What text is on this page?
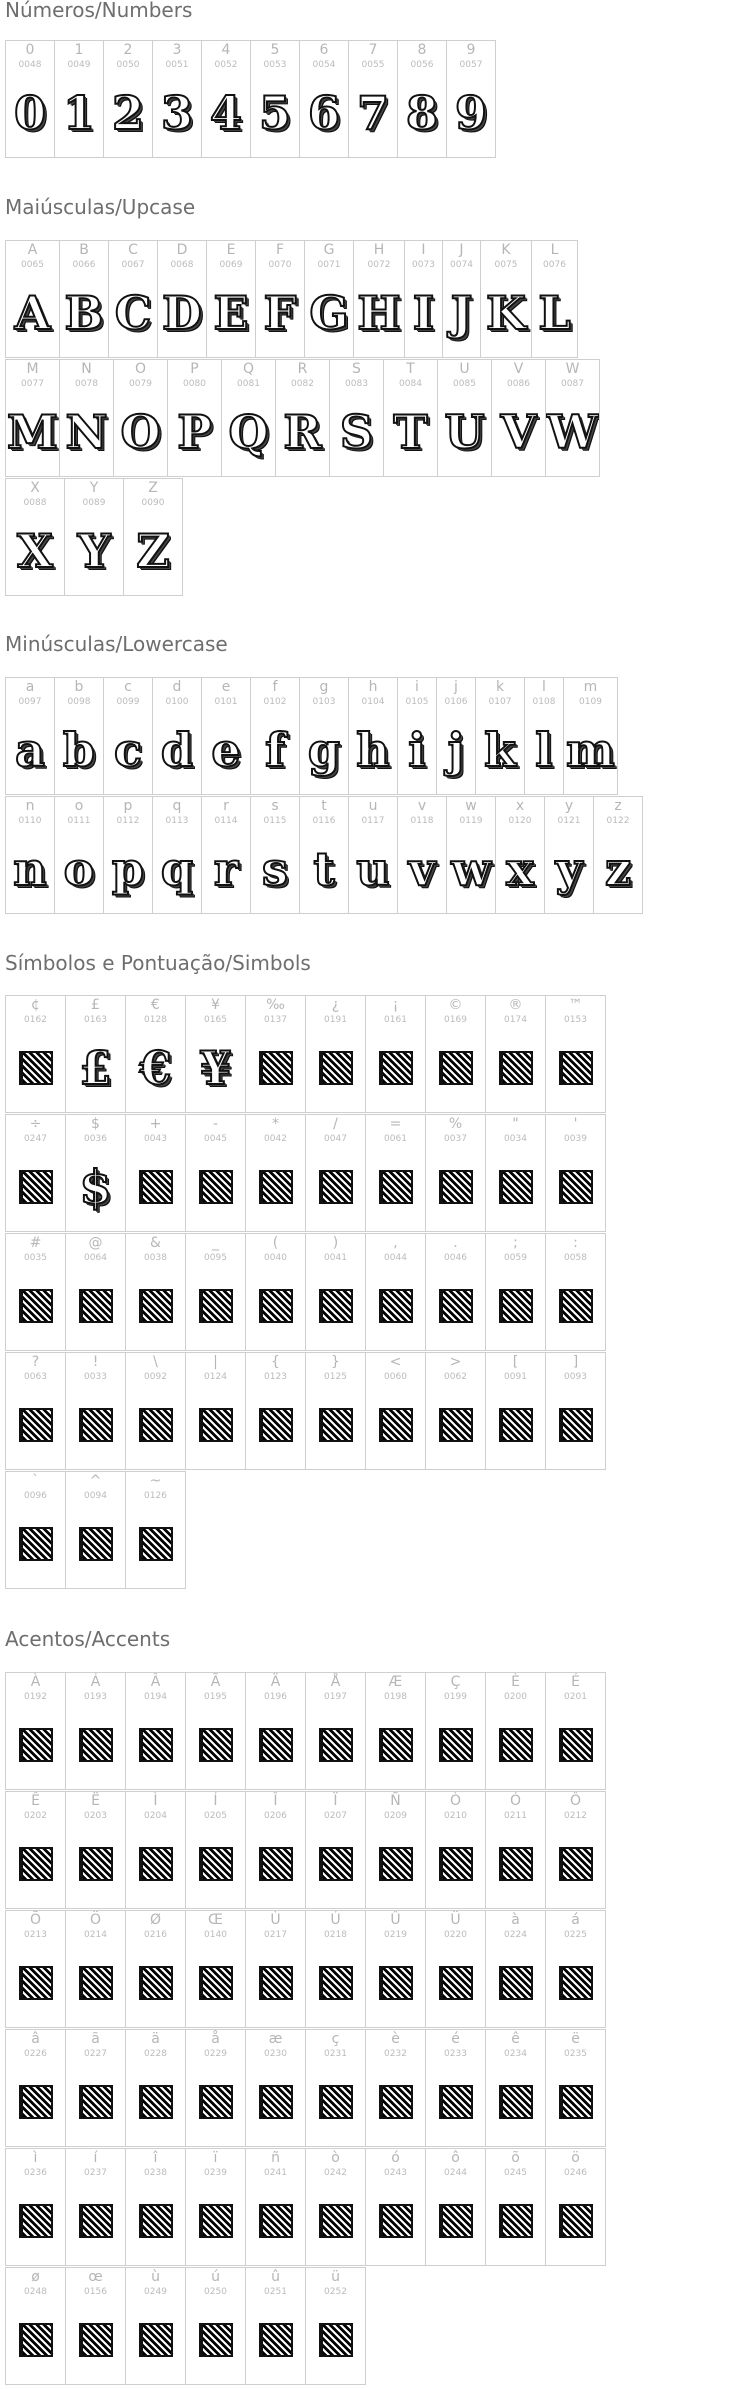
Números/Numbers
0
0048
0
1
0049
1
2
0050
2
3
0051
3
4
0052
4
5
0053
5
6
0054
6
7
0055
7
8
0056
8
9
0057
9
Maiúsculas/Upcase
A
0065
A
B
0066
B
C
0067
C
D
0068
D
E
0069
E
F
0070
F
G
0071
G
H
0072
H
I
0073
I
J
0074
J
K
0075
K
L
0076
L
M
0077
M
N
0078
N
O
0079
O
P
0080
P
Q
0081
Q
R
0082
R
S
0083
S
T
0084
T
U
0085
U
V
0086
V
W
0087
W
X
0088
X
Y
0089
Y
Z
0090
Z
Minúsculas/Lowercase
a
0097
a
b
0098
b
c
0099
c
d
0100
d
e
0101
e
f
0102
f
g
0103
g
h
0104
h
i
0105
i
j
0106
j
k
0107
k
l
0108
l
m
0109
m
n
0110
n
o
0111
o
p
0112
p
q
0113
q
r
0114
r
s
0115
s
t
0116
t
u
0117
u
v
0118
v
w
0119
w
x
0120
x
y
0121
y
z
0122
z
Símbolos e Pontuação/Simbols
¢
0162
£
0163
£
€
0128
€
¥
0165
¥
‰
0137
¿
0191
¡
0161
©
0169
®
0174
™
0153
÷
0247
$
0036
$
+
0043
-
0045
*
0042
/
0047
=
0061
%
0037
"
0034
'
0039
#
0035
@
0064
&
0038
_
0095
(
0040
)
0041
,
0044
.
0046
;
0059
:
0058
?
0063
!
0033
\
0092
|
0124
{
0123
}
0125
<
0060
>
0062
[
0091
]
0093
`
0096
^
0094
~
0126
Acentos/Accents
À
0192
Á
0193
Â
0194
Ã
0195
Ä
0196
Å
0197
Æ
0198
Ç
0199
È
0200
É
0201
Ê
0202
Ë
0203
Ì
0204
Í
0205
Î
0206
Ï
0207
Ñ
0209
Ò
0210
Ó
0211
Ô
0212
Õ
0213
Ö
0214
Ø
0216
Œ
0140
Ù
0217
Ú
0218
Û
0219
Ü
0220
à
0224
á
0225
â
0226
ã
0227
ä
0228
å
0229
æ
0230
ç
0231
è
0232
é
0233
ê
0234
ë
0235
ì
0236
í
0237
î
0238
ï
0239
ñ
0241
ò
0242
ó
0243
ô
0244
õ
0245
ö
0246
ø
0248
œ
0156
ù
0249
ú
0250
û
0251
ü
0252
